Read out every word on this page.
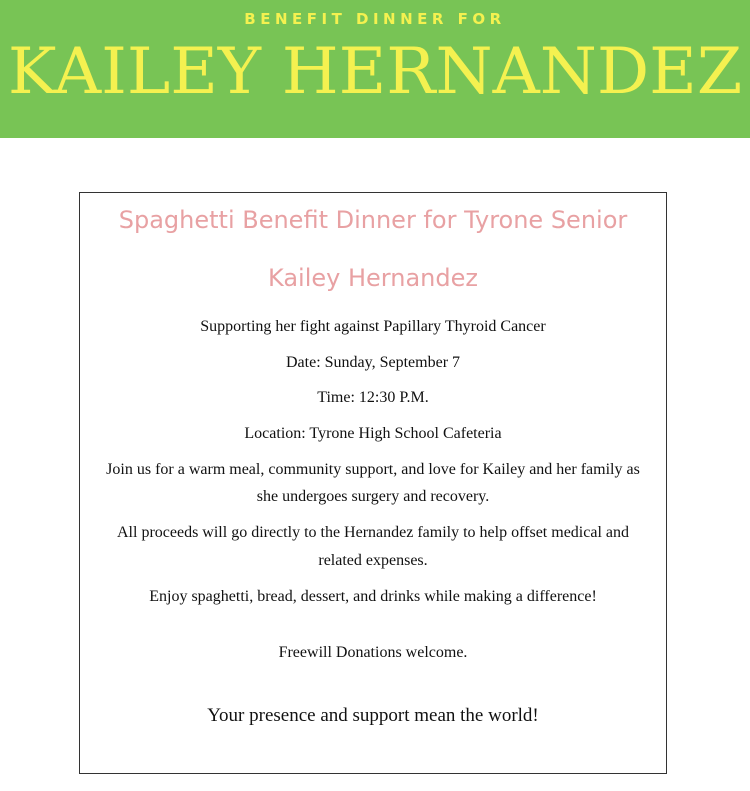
BENEFIT DINNER FOR
KAILEY HERNANDEZ
Spaghetti Benefit Dinner for Tyrone Senior
Kailey Hernandez
Supporting her fight against Papillary Thyroid Cancer
Date: Sunday, September 7
Time: 12:30 P.M.
Location: Tyrone High School Cafeteria
Join us for a warm meal, community support, and love for Kailey and her family as
she undergoes surgery and recovery.
All proceeds will go directly to the Hernandez family to help offset medical and
related expenses.
Enjoy spaghetti, bread, dessert, and drinks while making a difference!
Freewill Donations welcome.
Your presence and support mean the world!
